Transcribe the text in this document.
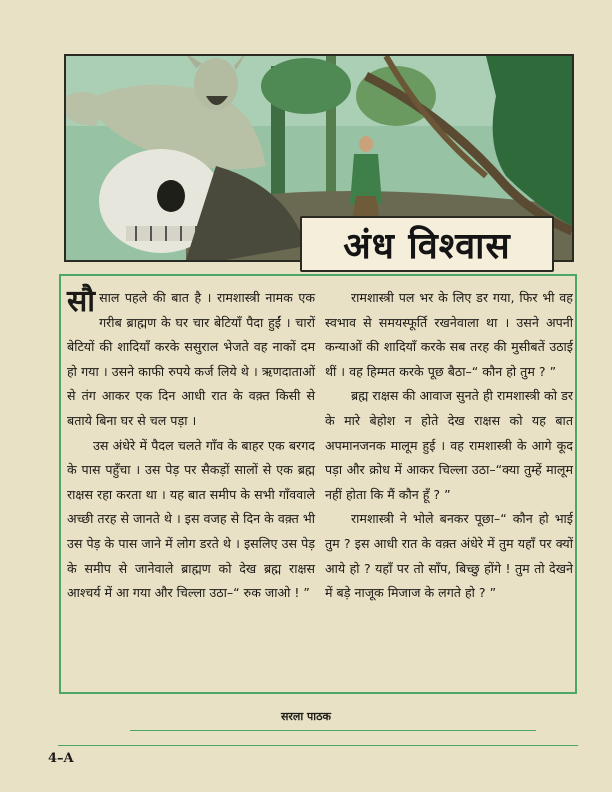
अंध विश्वास

सौ साल पहले की बात है । रामशास्त्री नामक एक गरीब ब्राह्मण के घर चार बेटियाँ पैदा हुईं । चारों बेटियों की शादियाँ करके ससुराल भेजते वह नाकों दम हो गया । उसने काफी रुपये कर्ज लिये थे । ऋणदाताओं से तंग आकर एक दिन आधी रात के वक़्त किसी से बताये बिना घर से चल पड़ा ।

उस अंधेरे में पैदल चलते गाँव के बाहर एक बरगद के पास पहुँचा । उस पेड़ पर सैकड़ों सालों से एक ब्रह्म राक्षस रहा करता था । यह बात समीप के सभी गाँववाले अच्छी तरह से जानते थे । इस वजह से दिन के वक़्त भी उस पेड़ के पास जाने में लोग डरते थे । इसलिए उस पेड़ के समीप से जानेवाले ब्राह्मण को देख ब्रह्म राक्षस आश्चर्य में आ गया और चिल्ला उठा–“ रुक जाओ ! ”

रामशास्त्री पल भर के लिए डर गया, फिर भी वह स्वभाव से समयस्फूर्ति रखनेवाला था । उसने अपनी कन्याओं की शादियाँ करके सब तरह की मुसीबतें उठाई थीं । वह हिम्मत करके पूछ बैठा–“ कौन हो तुम ? ”

ब्रह्म राक्षस की आवाज सुनते ही रामशास्त्री को डर के मारे बेहोश न होते देख राक्षस को यह बात अपमानजनक मालूम हुई । वह रामशास्त्री के आगे कूद पड़ा और क्रोध में आकर चिल्ला उठा–“क्या तुम्हें मालूम नहीं होता कि मैं कौन हूँ ? ”

रामशास्त्री ने भोले बनकर पूछा–“ कौन हो भाई तुम ? इस आधी रात के वक़्त अंधेरे में तुम यहाँ पर क्यों आये हो ? यहाँ पर तो साँप, बिच्छु होंगे ! तुम तो देखने में बड़े नाजूक मिजाज के लगते हो ? ”

सरला पाठक
4–A
